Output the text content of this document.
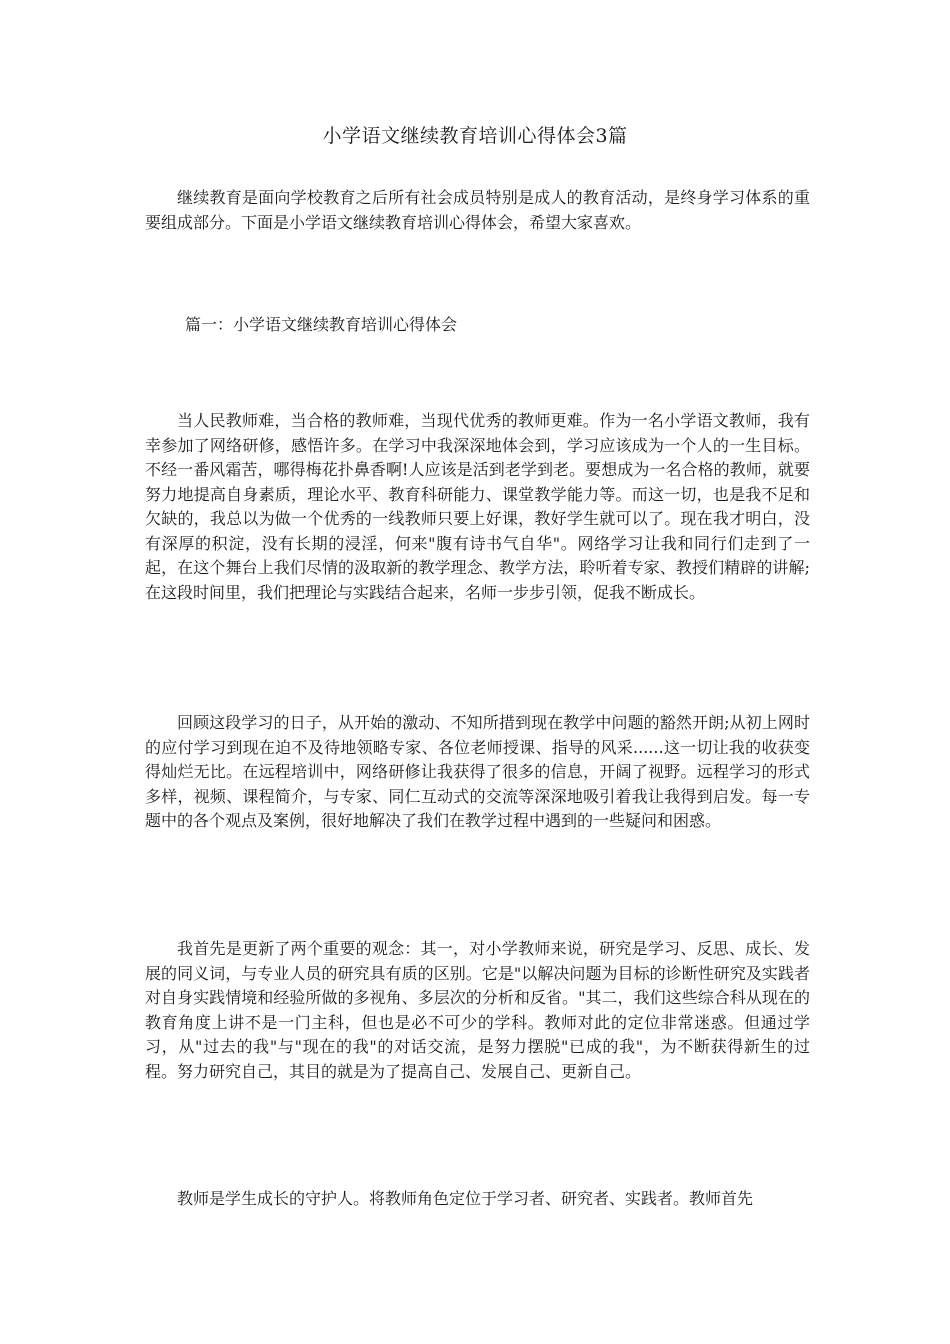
小学语文继续教育培训心得体会3篇

继续教育是面向学校教育之后所有社会成员特别是成人的教育活动，是终身学习体系的重要组成部分。下面是小学语文继续教育培训心得体会，希望大家喜欢。

篇一：小学语文继续教育培训心得体会

当人民教师难，当合格的教师难，当现代优秀的教师更难。作为一名小学语文教师，我有幸参加了网络研修，感悟许多。在学习中我深深地体会到，学习应该成为一个人的一生目标。不经一番风霜苦，哪得梅花扑鼻香啊!人应该是活到老学到老。要想成为一名合格的教师，就要努力地提高自身素质，理论水平、教育科研能力、课堂教学能力等。而这一切，也是我不足和欠缺的，我总以为做一个优秀的一线教师只要上好课，教好学生就可以了。现在我才明白，没有深厚的积淀，没有长期的浸淫，何来"腹有诗书气自华"。网络学习让我和同行们走到了一起，在这个舞台上我们尽情的汲取新的教学理念、教学方法，聆听着专家、教授们精辟的讲解;在这段时间里，我们把理论与实践结合起来，名师一步步引领，促我不断成长。

回顾这段学习的日子，从开始的激动、不知所措到现在教学中问题的豁然开朗;从初上网时的应付学习到现在迫不及待地领略专家、各位老师授课、指导的风采......这一切让我的收获变得灿烂无比。在远程培训中，网络研修让我获得了很多的信息，开阔了视野。远程学习的形式多样，视频、课程简介，与专家、同仁互动式的交流等深深地吸引着我让我得到启发。每一专题中的各个观点及案例，很好地解决了我们在教学过程中遇到的一些疑问和困惑。

我首先是更新了两个重要的观念：其一，对小学教师来说，研究是学习、反思、成长、发展的同义词，与专业人员的研究具有质的区别。它是"以解决问题为目标的诊断性研究及实践者对自身实践情境和经验所做的多视角、多层次的分析和反省。"其二，我们这些综合科从现在的教育角度上讲不是一门主科，但也是必不可少的学科。教师对此的定位非常迷惑。但通过学习，从"过去的我"与"现在的我"的对话交流，是努力摆脱"已成的我"，为不断获得新生的过程。努力研究自己，其目的就是为了提高自己、发展自己、更新自己。

教师是学生成长的守护人。将教师角色定位于学习者、研究者、实践者。教师首先
